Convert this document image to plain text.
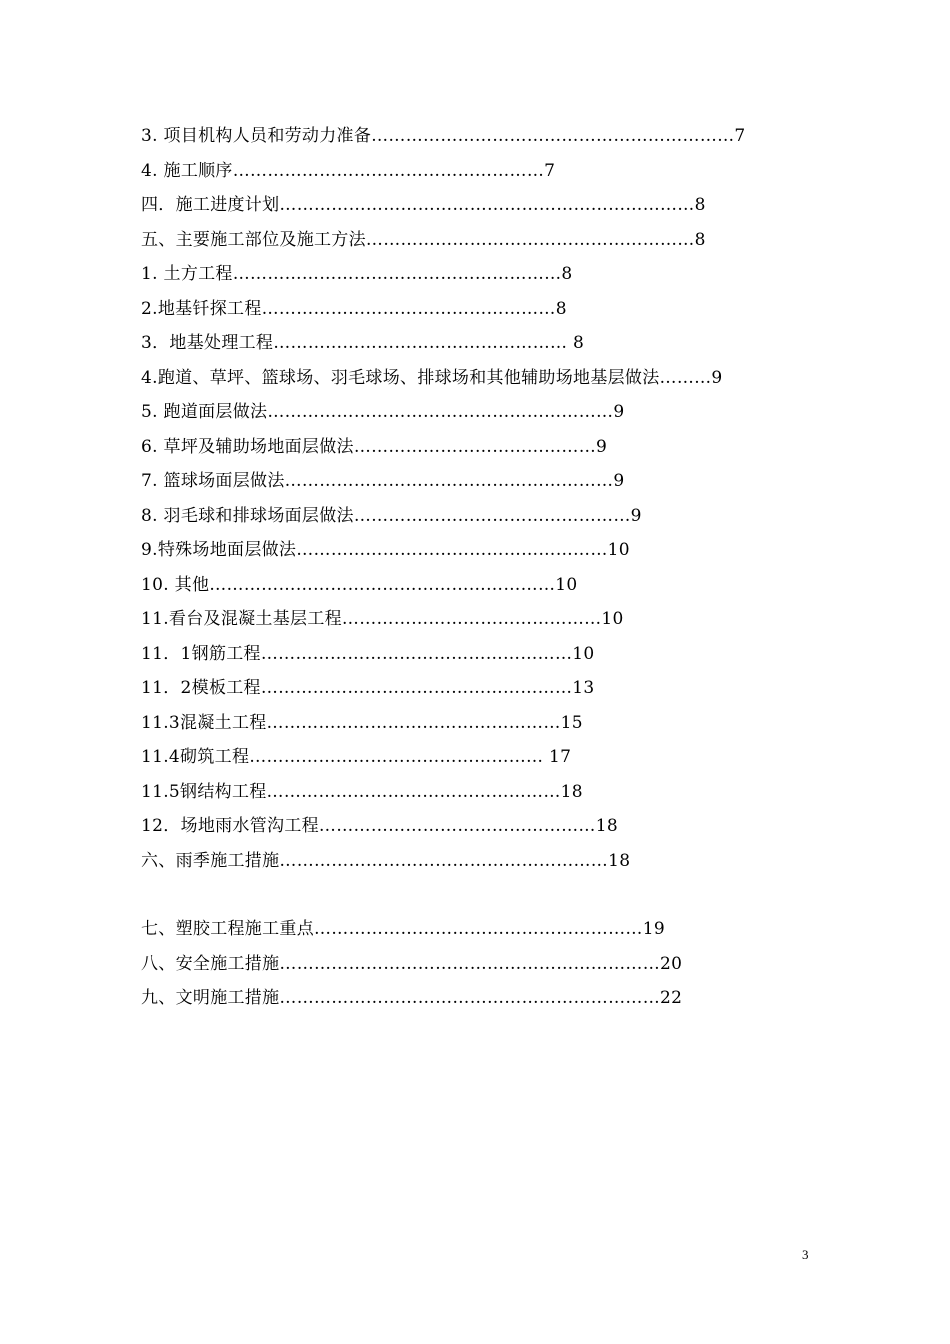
3. 项目机构人员和劳动力准备………………………………………………………7
4. 施工顺序………………………………………………7
四．施工进度计划………………………………………………………………8
五、主要施工部位及施工方法…………………………………………………8
1. 土方工程…………………………………………………8
2.地基钎探工程……………………………………………8
3．地基处理工程…………………………………………… 8
4.跑道、草坪、篮球场、羽毛球场、排球场和其他辅助场地基层做法………9
5. 跑道面层做法……………………………………………………9
6. 草坪及辅助场地面层做法……………………………………9
7. 篮球场面层做法…………………………………………………9
8. 羽毛球和排球场面层做法…………………………………………9
9.特殊场地面层做法………………………………………………10
10. 其他……………………………………………………10
11.看台及混凝土基层工程………………………………………10
11．1钢筋工程………………………………………………10
11．2模板工程………………………………………………13
11.3混凝土工程……………………………………………15
11.4砌筑工程…………………………………………… 17
11.5钢结构工程……………………………………………18
12．场地雨水管沟工程…………………………………………18
六、雨季施工措施…………………………………………………18
七、塑胶工程施工重点…………………………………………………19
八、安全施工措施…………………………………………………………20
九、文明施工措施…………………………………………………………22
3
